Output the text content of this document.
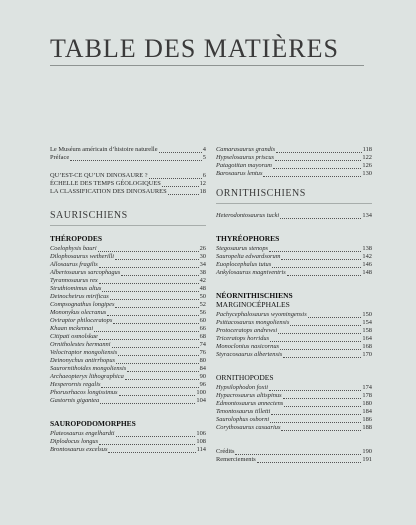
TABLE DES MATIÈRES
Le Muséum américain d’histoire naturelle	4
Préface	5
QU’EST-CE QU’UN DINOSAURE ?	6
ÉCHELLE DES TEMPS GÉOLOGIQUES	12
LA CLASSIFICATION DES DINOSAURES	18
SAURISCHIENS
THÉROPODES
Coelophysis bauri	26
Dilophosaurus wetherilli	30
Allosaurus fragilis	34
Albertosaurus sarcophagus	38
Tyrannosaurus rex	42
Struthiomimus altus	48
Deinocheirus mirificus	50
Compsognathus longipes	52
Mononykus olecranus	56
Oviraptor philoceratops	60
Khaan mckennai	66
Citipati osmolskae	68
Ornitholestes hermanni	74
Velociraptor mongoliensis	76
Deinonychus antirrhopus	80
Saurornithoides mongoliensis	84
Archaeopteryx lithographica	90
Hesperornis regalis	96
Phorusrhacos longissimus	100
Gastornis gigantea	104
SAUROPODOMORPHES
Plateosaurus engelhardti	106
Diplodocus longus	108
Brontosaurus excelsus	114
Camarasaurus grandis	118
Hypselosaurus priscus	122
Patagotitan mayorum	126
Barosaurus lentus	130
ORNITHISCHIENS
Heterodontosaurus tucki	134
THYRÉOPHORES
Stegosaurus stenops	138
Sauropelta edwardsorum	142
Euoplocephalus tutus	146
Ankylosaurus magniventris	148
NÉORNITHISCHIENS
MARGINOCÉPHALES
Pachycephalosaurus wyomingensis	150
Psittacosaurus mongoliensis	154
Protoceratops andrewsi	158
Triceratops horridus	164
Monoclonius nasicornus	168
Styracosaurus albertensis	170
ORNITHOPODES
Hypsilophodon foxii	174
Hypacrosaurus altispinus	178
Edmontosaurus annectens	180
Tenontosaurus tilletti	184
Saurolophus osborni	186
Corythosaurus casuarius	188
Crédits	190
Remerciements	191
